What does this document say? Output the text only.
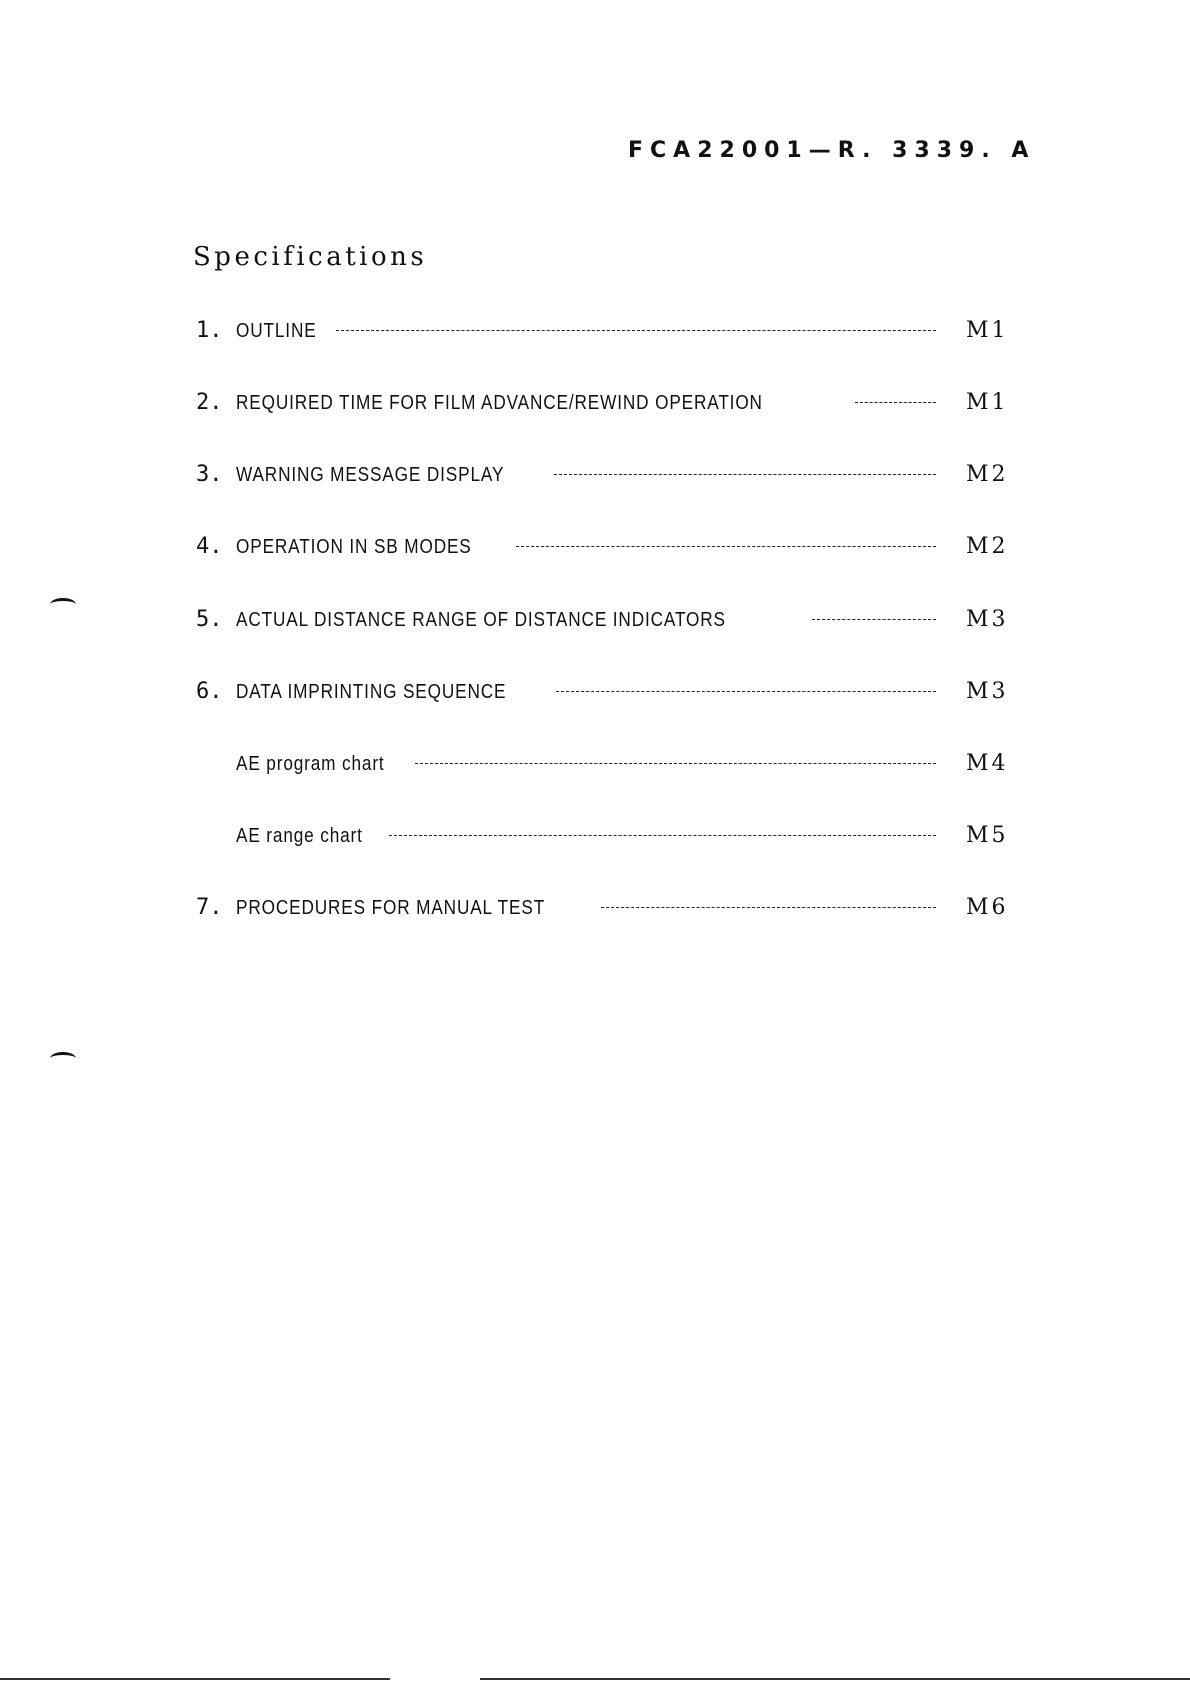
FCA22001—R. 3339. A
Specifications
1. OUTLINE	M1
2. REQUIRED TIME FOR FILM ADVANCE/REWIND OPERATION	M1
3. WARNING MESSAGE DISPLAY	M2
4. OPERATION IN SB MODES	M2
5. ACTUAL DISTANCE RANGE OF DISTANCE INDICATORS	M3
6. DATA IMPRINTING SEQUENCE	M3
AE program chart	M4
AE range chart	M5
7. PROCEDURES FOR MANUAL TEST	M6
